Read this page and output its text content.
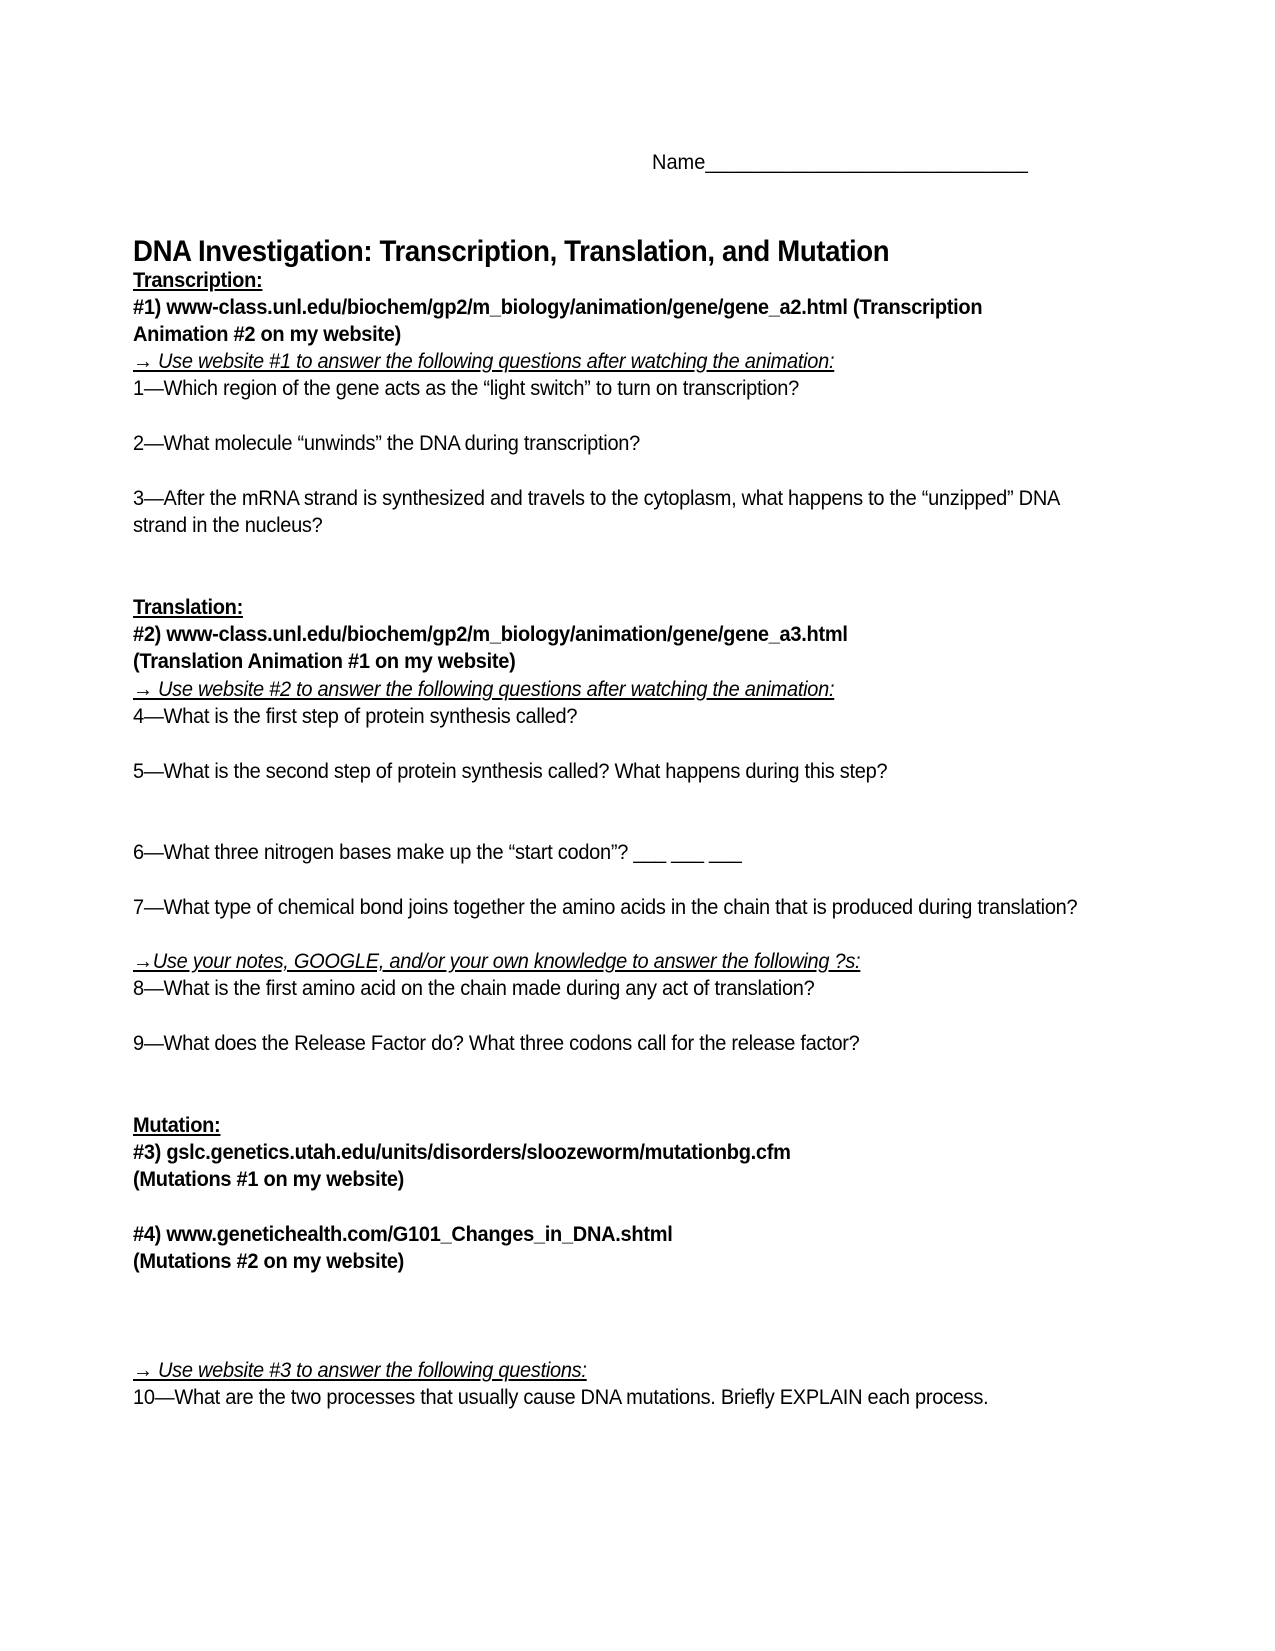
Name_____________________________
DNA Investigation: Transcription, Translation, and Mutation
Transcription:
#1) www-class.unl.edu/biochem/gp2/m_biology/animation/gene/gene_a2.html (Transcription
Animation #2 on my website)
→ Use website #1 to answer the following questions after watching the animation:
1—Which region of the gene acts as the “light switch” to turn on transcription?
2—What molecule “unwinds” the DNA during transcription?
3—After the mRNA strand is synthesized and travels to the cytoplasm, what happens to the “unzipped” DNA
strand in the nucleus?
Translation:
#2) www-class.unl.edu/biochem/gp2/m_biology/animation/gene/gene_a3.html
(Translation Animation #1 on my website)
→ Use website #2 to answer the following questions after watching the animation:
4—What is the first step of protein synthesis called?
5—What is the second step of protein synthesis called? What happens during this step?
6—What three nitrogen bases make up the “start codon”? ___ ___ ___
7—What type of chemical bond joins together the amino acids in the chain that is produced during translation?
→Use your notes, GOOGLE, and/or your own knowledge to answer the following ?s:
8—What is the first amino acid on the chain made during any act of translation?
9—What does the Release Factor do? What three codons call for the release factor?
Mutation:
#3) gslc.genetics.utah.edu/units/disorders/sloozeworm/mutationbg.cfm
(Mutations #1 on my website)
#4) www.genetichealth.com/G101_Changes_in_DNA.shtml
(Mutations #2 on my website)
→ Use website #3 to answer the following questions:
10—What are the two processes that usually cause DNA mutations. Briefly EXPLAIN each process.
